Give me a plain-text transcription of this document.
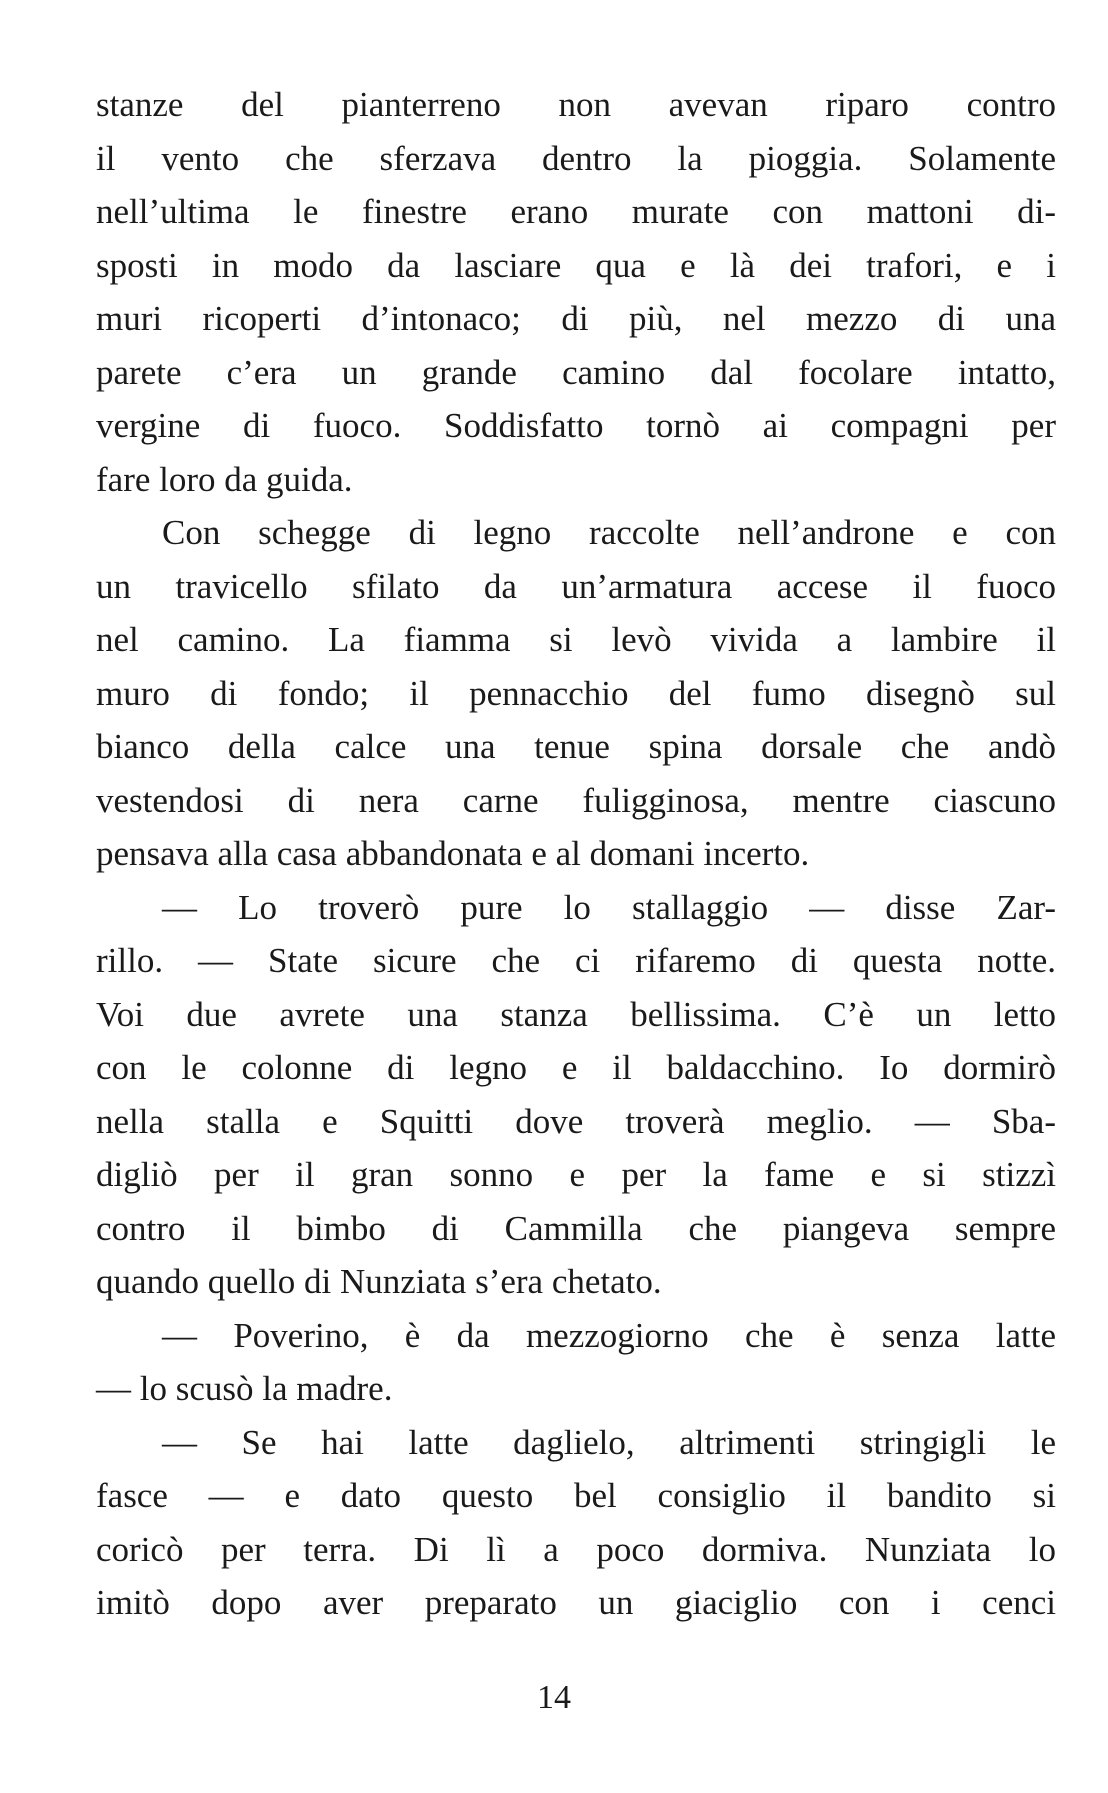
stanze del pianterreno non avevan riparo contro
il vento che sferzava dentro la pioggia. Solamente
nell’ultima le finestre erano murate con mattoni di-
sposti in modo da lasciare qua e là dei trafori, e i
muri ricoperti d’intonaco; di più, nel mezzo di una
parete c’era un grande camino dal focolare intatto,
vergine di fuoco. Soddisfatto tornò ai compagni per
fare loro da guida.
Con schegge di legno raccolte nell’androne e con
un travicello sfilato da un’armatura accese il fuoco
nel camino. La fiamma si levò vivida a lambire il
muro di fondo; il pennacchio del fumo disegnò sul
bianco della calce una tenue spina dorsale che andò
vestendosi di nera carne fuligginosa, mentre ciascuno
pensava alla casa abbandonata e al domani incerto.
— Lo troverò pure lo stallaggio — disse Zar-
rillo. — State sicure che ci rifaremo di questa notte.
Voi due avrete una stanza bellissima. C’è un letto
con le colonne di legno e il baldacchino. Io dormirò
nella stalla e Squitti dove troverà meglio. — Sba-
digliò per il gran sonno e per la fame e si stizzì
contro il bimbo di Cammilla che piangeva sempre
quando quello di Nunziata s’era chetato.
— Poverino, è da mezzogiorno che è senza latte
— lo scusò la madre.
— Se hai latte daglielo, altrimenti stringigli le
fasce — e dato questo bel consiglio il bandito si
coricò per terra. Di lì a poco dormiva. Nunziata lo
imitò dopo aver preparato un giaciglio con i cenci
14
